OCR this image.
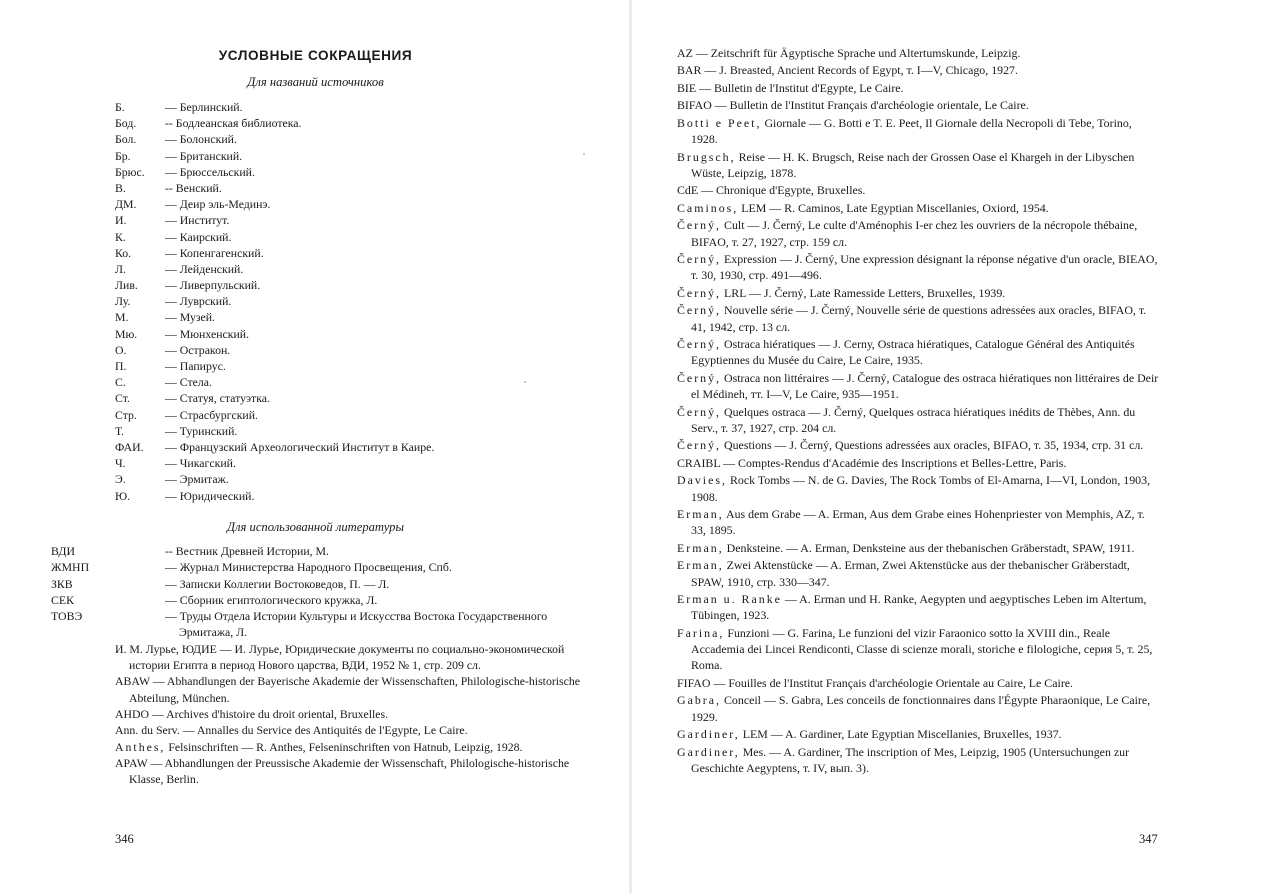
УСЛОВНЫЕ СОКРАЩЕНИЯ
Для названий источников
Б.	— Берлинский.
Бод. -- Бодлеанская библиотека.
Бол. — Болонский.
Бр.	— Британский.
Брюс. — Брюссельский.
В.	-- Венский.
ДМ. — Деир эль-Мединэ.
И.	— Институт.
К.	— Каирский.
Ко.	— Копенгагенский.
Л.	— Лейденский.
Лив. — Ливерпульский.
Лу.	— Луврский.
М.	— Музей.
Мю. — Мюнхенский.
О.	— Остракон.
П.	— Папирус.
С.	— Стела.
Ст.	— Статуя, статуэтка.
Стр. — Страсбургский.
Т.	— Туринский.
ФАИ. — Французский Археологический Институт в Каире.
Ч.	— Чикагский.
Э.	— Эрмитаж.
Ю.	— Юридический.
Для использованной литературы
ВДИ	-- Вестник Древней Истории, М.
ЖМНП	— Журнал Министерства Народного Просвещения, Спб.
ЗКВ	— Записки Коллегии Востоковедов, П. — Л.
СЕК	— Сборник египтологического кружка, Л.
ТОВЭ	— Труды Отдела Истории Культуры и Искусства Востока Государственного Эрмитажа, Л.
И. М. Лурье, ЮДИЕ — И. Лурье, Юридические документы по социально-экономической истории Египта в период Нового царства, ВДИ, 1952 № 1, стр. 209 сл.
ABAW — Abhandlungen der Bayerische Akademie der Wissenschaften, Philologische-historische Abteilung, München.
AHDO — Archives d'histoire du droit oriental, Bruxelles.
Ann. du Serv. — Annalles du Service des Antiquités de l'Egypte, Le Caire.
Anthes, Felsinschriften — R. Anthes, Felseninschriften von Hatnub, Leipzig, 1928.
APAW — Abhandlungen der Preussische Akademie der Wissenschaft, Philologische-historische Klasse, Berlin.
346
AZ — Zeitschrift für Ägyptische Sprache und Altertumskunde, Leipzig.
BAR — J. Breasted, Ancient Records of Egypt, т. I—V, Chicago, 1927.
BIE — Bulletin de l'Institut d'Egypte, Le Caire.
BIFAO — Bulletin de l'Institut Français d'archéologie orientale, Le Caire.
Botti e Peet, Giornale — G. Botti e T. E. Peet, Il Giornale della Necropoli di Tebe, Torino, 1928.
Brugsch, Reise — H. K. Brugsch, Reise nach der Grossen Oase el Khargeh in der Libyschen Wüste, Leipzig, 1878.
CdE — Chronique d'Egypte, Bruxelles.
Caminos, LEM — R. Caminos, Late Egyptian Miscellanies, Oxiord, 1954.
Černý, Cult — J. Černý, Le culte d'Aménophis I-er chez les ouvriers de la nécropole thébaine, BIFAO, т. 27, 1927, стр. 159 сл.
Černý, Expression — J. Černý, Une expression désignant la réponse négative d'un oracle, BIEAO, т. 30, 1930, стр. 491—496.
Černý, LRL — J. Černý, Late Ramesside Letters, Bruxelles, 1939.
Černý, Nouvelle série — J. Černý, Nouvelle série de questions adressées aux oracles, BIFAO, т. 41, 1942, стр. 13 сл.
Černý, Ostraca hiératiques — J. Cernу, Ostraca hiératiques, Catalogue Général des Antiquités Egyptiennes du Musée du Caire, Le Caire, 1935.
Černý, Ostraca non littéraires — J. Černý, Catalogue des ostraca hiératiques non littéraires de Deir el Médineh, тт. I—V, Le Caire, 935—1951.
Černý, Quelques ostraca — J. Černý, Quelques ostraca hiératiques inédits de Thèbes, Ann. du Serv., т. 37, 1927, стр. 204 сл.
Černý, Questions — J. Černý, Questions adressées aux oracles, BIFAO, т. 35, 1934, стр. 31 сл.
CRAIBL — Comptes-Rendus d'Académie des Inscriptions et Belles-Lettre, Paris.
Davies, Rock Tombs — N. de G. Davies, The Rock Tombs of El-Amarna, I—VI, London, 1903, 1908.
Erman, Aus dem Grabe — A. Erman, Aus dem Grabe eines Hohenpriester von Memphis, AZ, т. 33, 1895.
Erman, Denksteine. — A. Erman, Denksteine aus der thebanischen Gräberstadt, SPAW, 1911.
Erman, Zwei Aktenstücke — A. Erman, Zwei Aktenstücke aus der thebanischer Gräberstadt, SPAW, 1910, стр. 330—347.
Erman u. Ranke — A. Erman und H. Ranke, Aegypten und aegyptisches Leben im Altertum, Tübingen, 1923.
Farina, Funzioni — G. Farina, Le funzioni del vizir Faraonico sotto la XVIII din., Reale Accademia dei Lincei Rendiconti, Classe di scienze morali, storiche e filologiche, серия 5, т. 25, Roma.
FIFAO — Fouilles de l'Institut Français d'archéologie Orientale au Caire, Le Caire.
Gabra, Conceil — S. Gabra, Les conceils de fonctionnaires dans l'Égypte Pharaonique, Le Caire, 1929.
Gardiner, LEM — A. Gardiner, Late Egyptian Miscellanies, Bruxelles, 1937.
Gardiner, Mes. — A. Gardiner, The inscription of Mes, Leipzig, 1905 (Untersuchungen zur Geschichte Aegyptens, т. IV, вып. 3).
347
